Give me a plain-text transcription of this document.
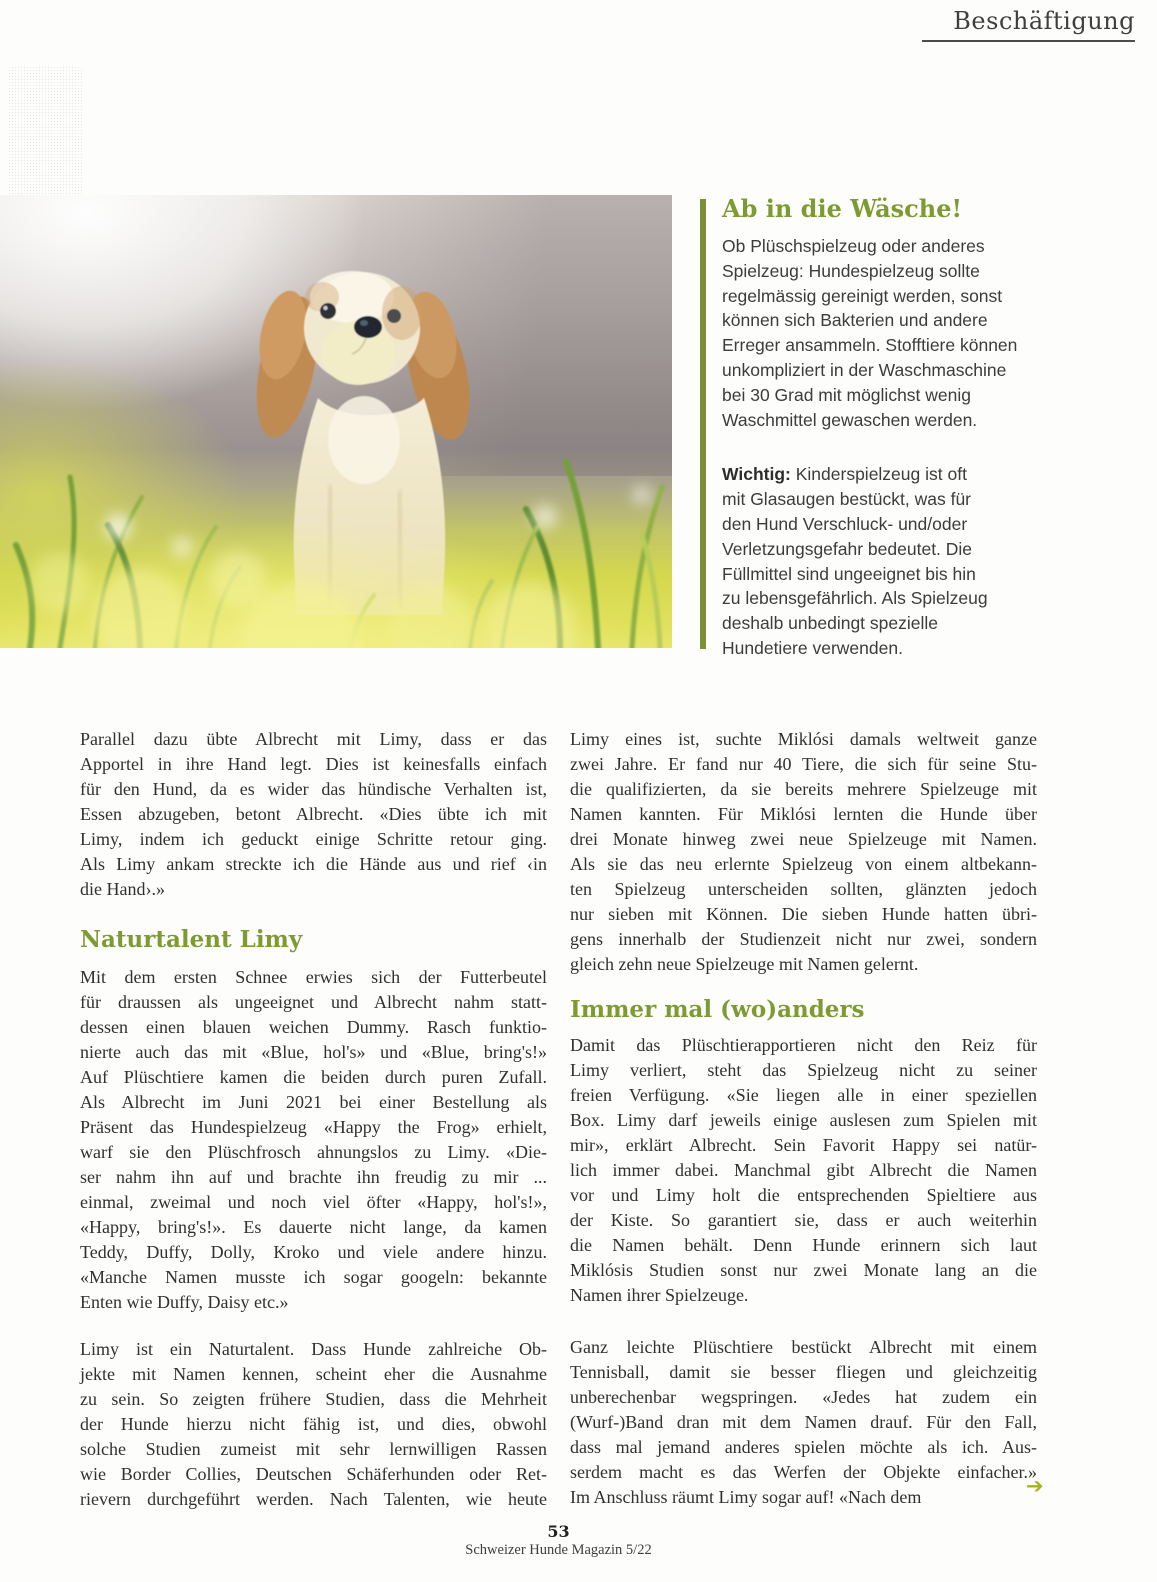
Beschäftigung
Ab in die Wäsche!
Ob Plüschspielzeug oder anderes
Spielzeug: Hundespielzeug sollte
regelmässig gereinigt werden, sonst
können sich Bakterien und andere
Erreger ansammeln. Stofftiere können
unkompliziert in der Waschmaschine
bei 30 Grad mit möglichst wenig
Waschmittel gewaschen werden.
Wichtig: Kinderspielzeug ist oft
mit Glasaugen bestückt, was für
den Hund Verschluck- und/oder
Verletzungsgefahr bedeutet. Die
Füllmittel sind ungeeignet bis hin
zu lebensgefährlich. Als Spielzeug
deshalb unbedingt spezielle
Hundetiere verwenden.
Parallel dazu übte Albrecht mit Limy, dass er das
Apportel in ihre Hand legt. Dies ist keinesfalls einfach
für den Hund, da es wider das hündische Verhalten ist,
Essen abzugeben, betont Albrecht. «Dies übte ich mit
Limy, indem ich geduckt einige Schritte retour ging.
Als Limy ankam streckte ich die Hände aus und rief ‹in
die Hand›.»
Naturtalent Limy
Mit dem ersten Schnee erwies sich der Futterbeutel
für draussen als ungeeignet und Albrecht nahm statt-
dessen einen blauen weichen Dummy. Rasch funktio-
nierte auch das mit «Blue, hol's» und «Blue, bring's!»
Auf Plüschtiere kamen die beiden durch puren Zufall.
Als Albrecht im Juni 2021 bei einer Bestellung als
Präsent das Hundespielzeug «Happy the Frog» erhielt,
warf sie den Plüschfrosch ahnungslos zu Limy. «Die-
ser nahm ihn auf und brachte ihn freudig zu mir ...
einmal, zweimal und noch viel öfter «Happy, hol's!»,
«Happy, bring's!». Es dauerte nicht lange, da kamen
Teddy, Duffy, Dolly, Kroko und viele andere hinzu.
«Manche Namen musste ich sogar googeln: bekannte
Enten wie Duffy, Daisy etc.»
Limy ist ein Naturtalent. Dass Hunde zahlreiche Ob-
jekte mit Namen kennen, scheint eher die Ausnahme
zu sein. So zeigten frühere Studien, dass die Mehrheit
der Hunde hierzu nicht fähig ist, und dies, obwohl
solche Studien zumeist mit sehr lernwilligen Rassen
wie Border Collies, Deutschen Schäferhunden oder Ret-
rievern durchgeführt werden. Nach Talenten, wie heute
Limy eines ist, suchte Miklósi damals weltweit ganze
zwei Jahre. Er fand nur 40 Tiere, die sich für seine Stu-
die qualifizierten, da sie bereits mehrere Spielzeuge mit
Namen kannten. Für Miklósi lernten die Hunde über
drei Monate hinweg zwei neue Spielzeuge mit Namen.
Als sie das neu erlernte Spielzeug von einem altbekann-
ten Spielzeug unterscheiden sollten, glänzten jedoch
nur sieben mit Können. Die sieben Hunde hatten übri-
gens innerhalb der Studienzeit nicht nur zwei, sondern
gleich zehn neue Spielzeuge mit Namen gelernt.
Immer mal (wo)anders
Damit das Plüschtierapportieren nicht den Reiz für
Limy verliert, steht das Spielzeug nicht zu seiner
freien Verfügung. «Sie liegen alle in einer speziellen
Box. Limy darf jeweils einige auslesen zum Spielen mit
mir», erklärt Albrecht. Sein Favorit Happy sei natür-
lich immer dabei. Manchmal gibt Albrecht die Namen
vor und Limy holt die entsprechenden Spieltiere aus
der Kiste. So garantiert sie, dass er auch weiterhin
die Namen behält. Denn Hunde erinnern sich laut
Miklósis Studien sonst nur zwei Monate lang an die
Namen ihrer Spielzeuge.
Ganz leichte Plüschtiere bestückt Albrecht mit einem
Tennisball, damit sie besser fliegen und gleichzeitig
unberechenbar wegspringen. «Jedes hat zudem ein
(Wurf-)Band dran mit dem Namen drauf. Für den Fall,
dass mal jemand anderes spielen möchte als ich. Aus-
serdem macht es das Werfen der Objekte einfacher.»
Im Anschluss räumt Limy sogar auf! «Nach dem	➔
53
Schweizer Hunde Magazin 5/22
